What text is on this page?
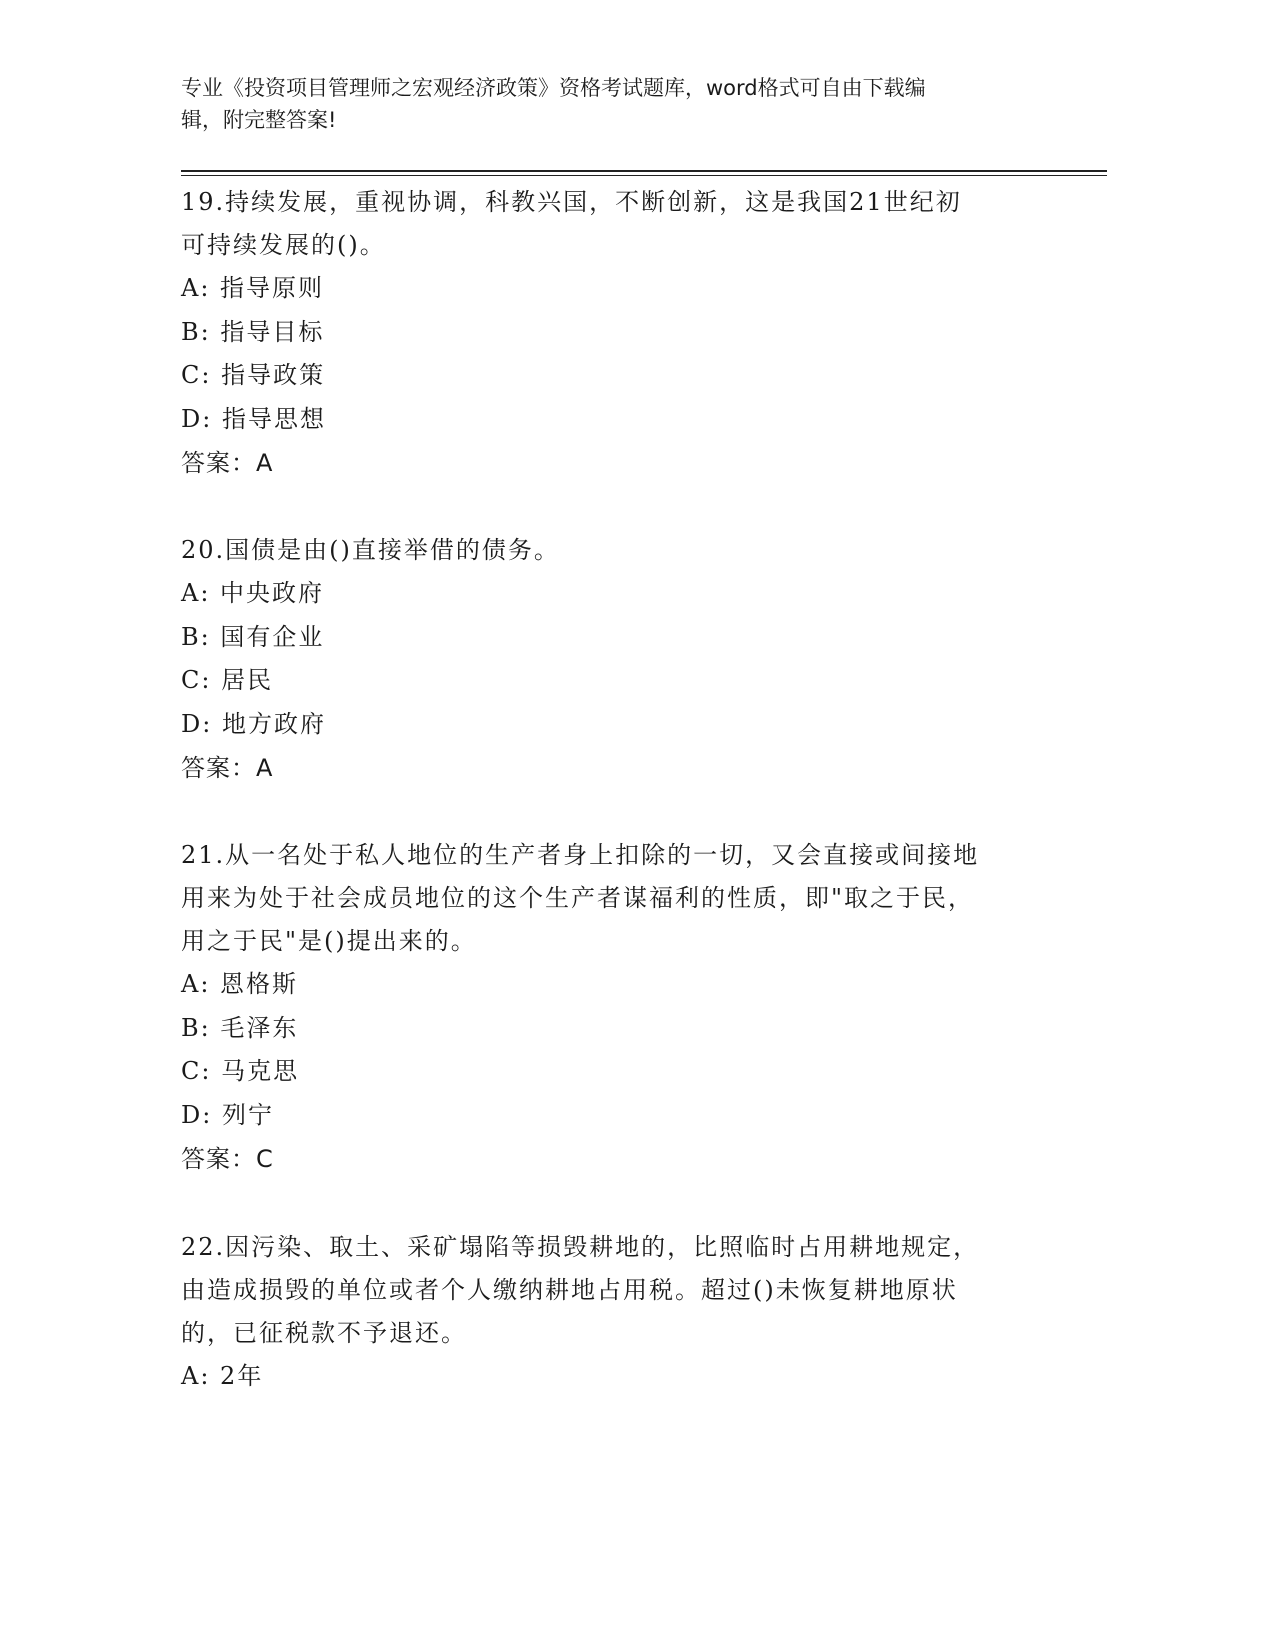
专业《投资项目管理师之宏观经济政策》资格考试题库，word格式可自由下载编
辑，附完整答案!
19.持续发展，重视协调，科教兴国，不断创新，这是我国21世纪初
可持续发展的()。
A: 指导原则
B: 指导目标
C: 指导政策
D: 指导思想
答案：A
20.国债是由()直接举借的债务。
A: 中央政府
B: 国有企业
C: 居民
D: 地方政府
答案：A
21.从一名处于私人地位的生产者身上扣除的一切，又会直接或间接地
用来为处于社会成员地位的这个生产者谋福利的性质，即"取之于民，
用之于民"是()提出来的。
A: 恩格斯
B: 毛泽东
C: 马克思
D: 列宁
答案：C
22.因污染、取土、采矿塌陷等损毁耕地的，比照临时占用耕地规定，
由造成损毁的单位或者个人缴纳耕地占用税。超过()未恢复耕地原状
的，已征税款不予退还。
A: 2年
